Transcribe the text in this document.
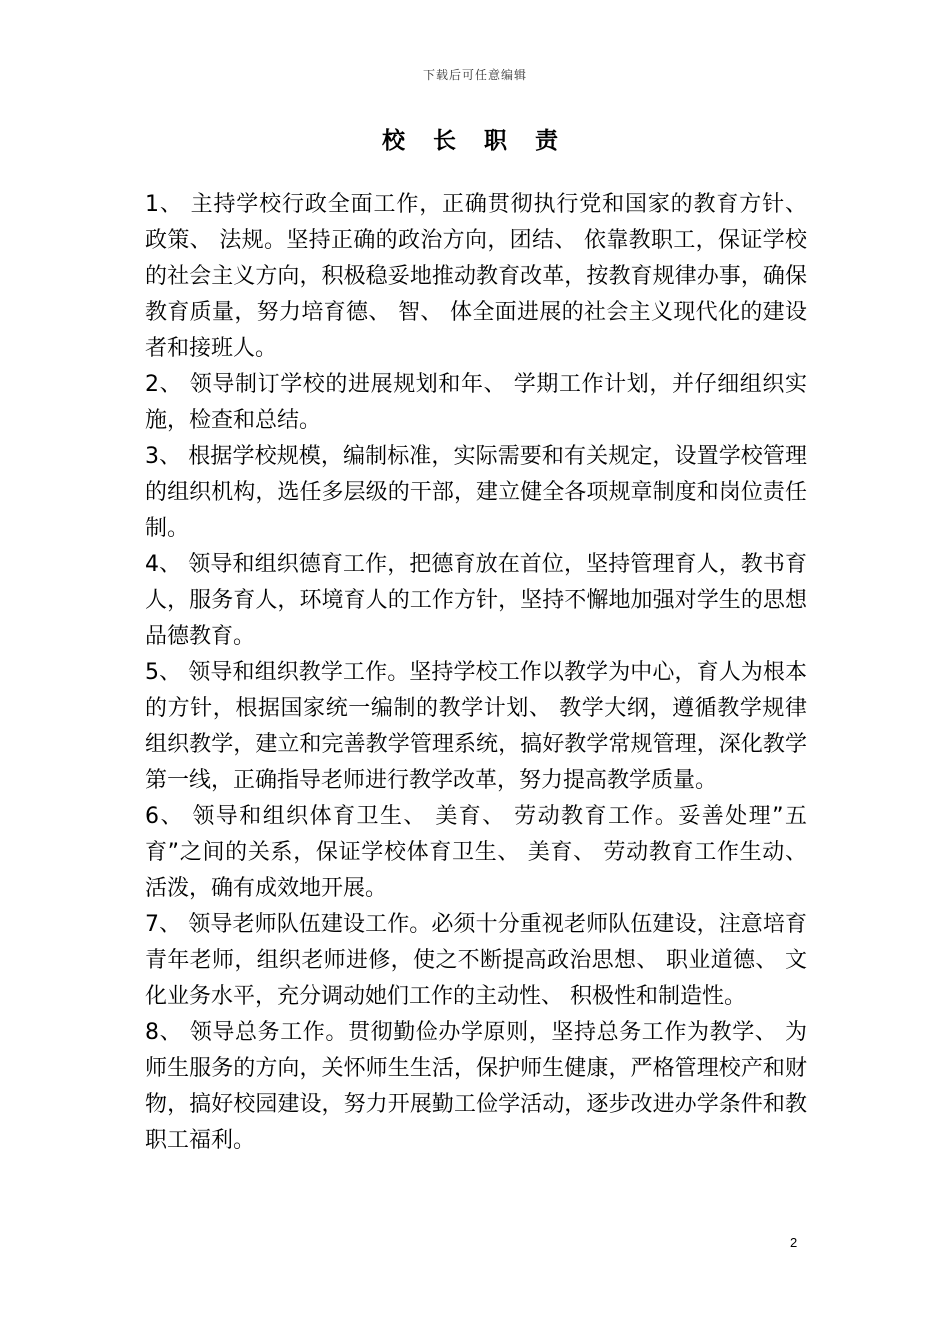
下载后可任意编辑
校 长 职 责

1、 主持学校行政全面工作，正确贯彻执行党和国家的教育方针、 政策、 法规。坚持正确的政治方向，团结、 依靠教职工，保证学校的社会主义方向，积极稳妥地推动教育改革，按教育规律办事，确保教育质量，努力培育德、 智、 体全面进展的社会主义现代化的建设者和接班人。

2、 领导制订学校的进展规划和年、 学期工作计划，并仔细组织实施，检查和总结。

3、 根据学校规模，编制标准，实际需要和有关规定，设置学校管理的组织机构，选任多层级的干部，建立健全各项规章制度和岗位责任制。

4、 领导和组织德育工作，把德育放在首位，坚持管理育人，教书育人，服务育人，环境育人的工作方针，坚持不懈地加强对学生的思想品德教育。

5、 领导和组织教学工作。坚持学校工作以教学为中心，育人为根本的方针，根据国家统一编制的教学计划、 教学大纲，遵循教学规律组织教学，建立和完善教学管理系统，搞好教学常规管理，深化教学第一线，正确指导老师进行教学改革，努力提高教学质量。

6、 领导和组织体育卫生、 美育、 劳动教育工作。妥善处理”五育”之间的关系，保证学校体育卫生、 美育、 劳动教育工作生动、 活泼，确有成效地开展。

7、 领导老师队伍建设工作。必须十分重视老师队伍建设，注意培育青年老师，组织老师进修，使之不断提高政治思想、 职业道德、 文化业务水平，充分调动她们工作的主动性、 积极性和制造性。

8、 领导总务工作。贯彻勤俭办学原则，坚持总务工作为教学、 为师生服务的方向，关怀师生生活，保护师生健康，严格管理校产和财物，搞好校园建设，努力开展勤工俭学活动，逐步改进办学条件和教职工福利。

2
